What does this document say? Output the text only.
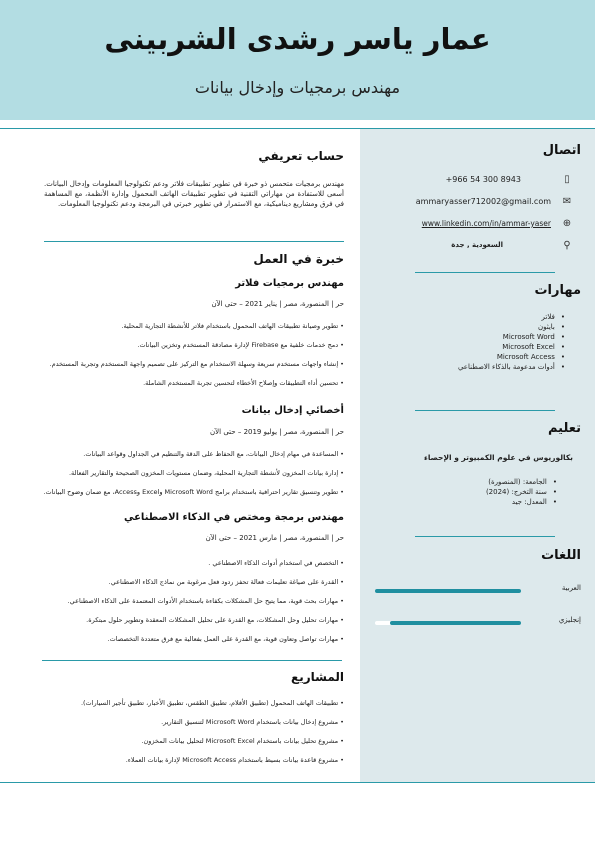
عمار ياسر رشدى الشربينى
مهندس برمجيات وإدخال بيانات
اتصال
▯
+966 54 300 8943
✉
ammaryasser712002@gmail.com
⊕
www.linkedin.com/in/ammar-yaser
⚲
السعودية , جدة
مهارات
• فلاتر
• بايثون
• Microsoft Word
• Microsoft Excel
• Microsoft Access
• أدوات مدعومة بالذكاء الاصطناعي
تعليم
بكالوريوس في علوم الكمبيوتر و الإحصاء
• الجامعة: (المنصورة)
• سنة التخرج: (2024)
• المعدل: جيد
اللغات
العربية
إنجليزي
حساب تعريفي
مهندس برمجيات متحمس ذو خبرة في تطوير تطبيقات فلاتر ودعم تكنولوجيا المعلومات وإدخال البيانات. أسعى للاستفادة من مهاراتي التقنية في تطوير تطبيقات الهاتف المحمول وإدارة الأنظمة، مع المساهمة في فرق ومشاريع ديناميكية، مع الاستمرار في تطوير خبرتي في البرمجة ودعم تكنولوجيا المعلومات.
خبرة في العمل
مهندس برمجيات فلاتر
حر | المنصورة، مصر | يناير 2021 – حتى الآن
• تطوير وصيانة تطبيقات الهاتف المحمول باستخدام فلاتر للأنشطة التجارية المحلية.
• دمج خدمات خلفية مع Firebase لإدارة مصادقة المستخدم وتخزين البيانات.
• إنشاء واجهات مستخدم سريعة وسهلة الاستخدام مع التركيز على تصميم واجهة المستخدم وتجربة المستخدم.
• تحسين أداء التطبيقات وإصلاح الأخطاء لتحسين تجربة المستخدم الشاملة.
أخصائي إدخال بيانات
حر | المنصورة، مصر | يوليو 2019 – حتى الآن
• المساعدة في مهام إدخال البيانات، مع الحفاظ على الدقة والتنظيم في الجداول وقواعد البيانات.
• إدارة بيانات المخزون لأنشطة التجارية المحلية، وضمان مستويات المخزون الصحيحة والتقارير الفعالة.
• تطوير وتنسيق تقارير احترافية باستخدام برامج Microsoft Word وExcel وAccess، مع ضمان وضوح البيانات.
مهندس برمجة ومختص في الذكاء الاصطناعي
حر | المنصورة، مصر | مارس 2021 – حتى الآن
• التخصص في استخدام أدوات الذكاء الاصطناعي .
• القدرة على صياغة تعليمات فعالة تحفز ردود فعل مرغوبة من نماذج الذكاء الاصطناعي.
• مهارات بحث قوية، مما يتيح حل المشكلات بكفاءة باستخدام الأدوات المعتمدة على الذكاء الاصطناعي.
• مهارات تحليل وحل المشكلات، مع القدرة على تحليل المشكلات المعقدة وتطوير حلول مبتكرة.
• مهارات تواصل وتعاون قوية، مع القدرة على العمل بفعالية مع فرق متعددة التخصصات.
المشاريع
• تطبيقات الهاتف المحمول (تطبيق الأفلام، تطبيق الطقس، تطبيق الأخبار، تطبيق تأجير السيارات).
• مشروع إدخال بيانات باستخدام Microsoft Word لتنسيق التقارير.
• مشروع تحليل بيانات باستخدام Microsoft Excel لتحليل بيانات المخزون.
• مشروع قاعدة بيانات بسيط باستخدام Microsoft Access لإدارة بيانات العملاء.
